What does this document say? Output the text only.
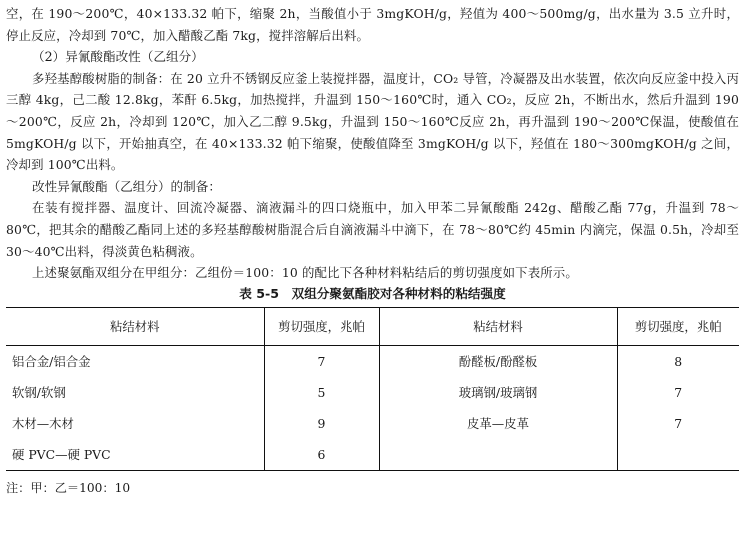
空，在 190～200℃，40×133.32 帕下，缩聚 2h，当酸值小于 3mgKOH/g，羟值为 400～500mg/g，出水量为 3.5 立升时，停止反应，冷却到 70℃，加入醋酸乙酯 7kg，搅拌溶解后出料。

（2）异氰酸酯改性（乙组分）

多羟基醇酸树脂的制备：在 20 立升不锈钢反应釜上装搅拌器，温度计，CO₂ 导管，冷凝器及出水装置，依次向反应釜中投入丙三醇 4kg，己二酸 12.8kg，苯酐 6.5kg，加热搅拌，升温到 150～160℃时，通入 CO₂，反应 2h，不断出水，然后升温到 190～200℃，反应 2h，冷却到 120℃，加入乙二醇 9.5kg，升温到 150～160℃反应 2h，再升温到 190～200℃保温，使酸值在 5mgKOH/g 以下，开始抽真空，在 40×133.32 帕下缩聚，使酸值降至 3mgKOH/g 以下，羟值在 180～300mgKOH/g 之间，冷却到 100℃出料。

改性异氰酸酯（乙组分）的制备：

在装有搅拌器、温度计、回流冷凝器、滴液漏斗的四口烧瓶中，加入甲苯二异氰酸酯 242g、醋酸乙酯 77g，升温到 78～80℃，把其余的醋酸乙酯同上述的多羟基醇酸树脂混合后自滴液漏斗中滴下，在 78～80℃约 45min 内滴完，保温 0.5h，冷却至 30～40℃出料，得淡黄色粘稠液。

上述聚氨酯双组分在甲组分：乙组份＝100：10 的配比下各种材料粘结后的剪切强度如下表所示。

表 5-5　双组分聚氨酯胶对各种材料的粘结强度
粘结材料	剪切强度，兆帕	粘结材料	剪切强度，兆帕
铝合金/铝合金	7	酚醛板/酚醛板	8
软钢/软钢	5	玻璃钢/玻璃钢	7
木材—木材	9	皮革—皮革	7
硬 PVC—硬 PVC	6		

注：甲：乙＝100：10
